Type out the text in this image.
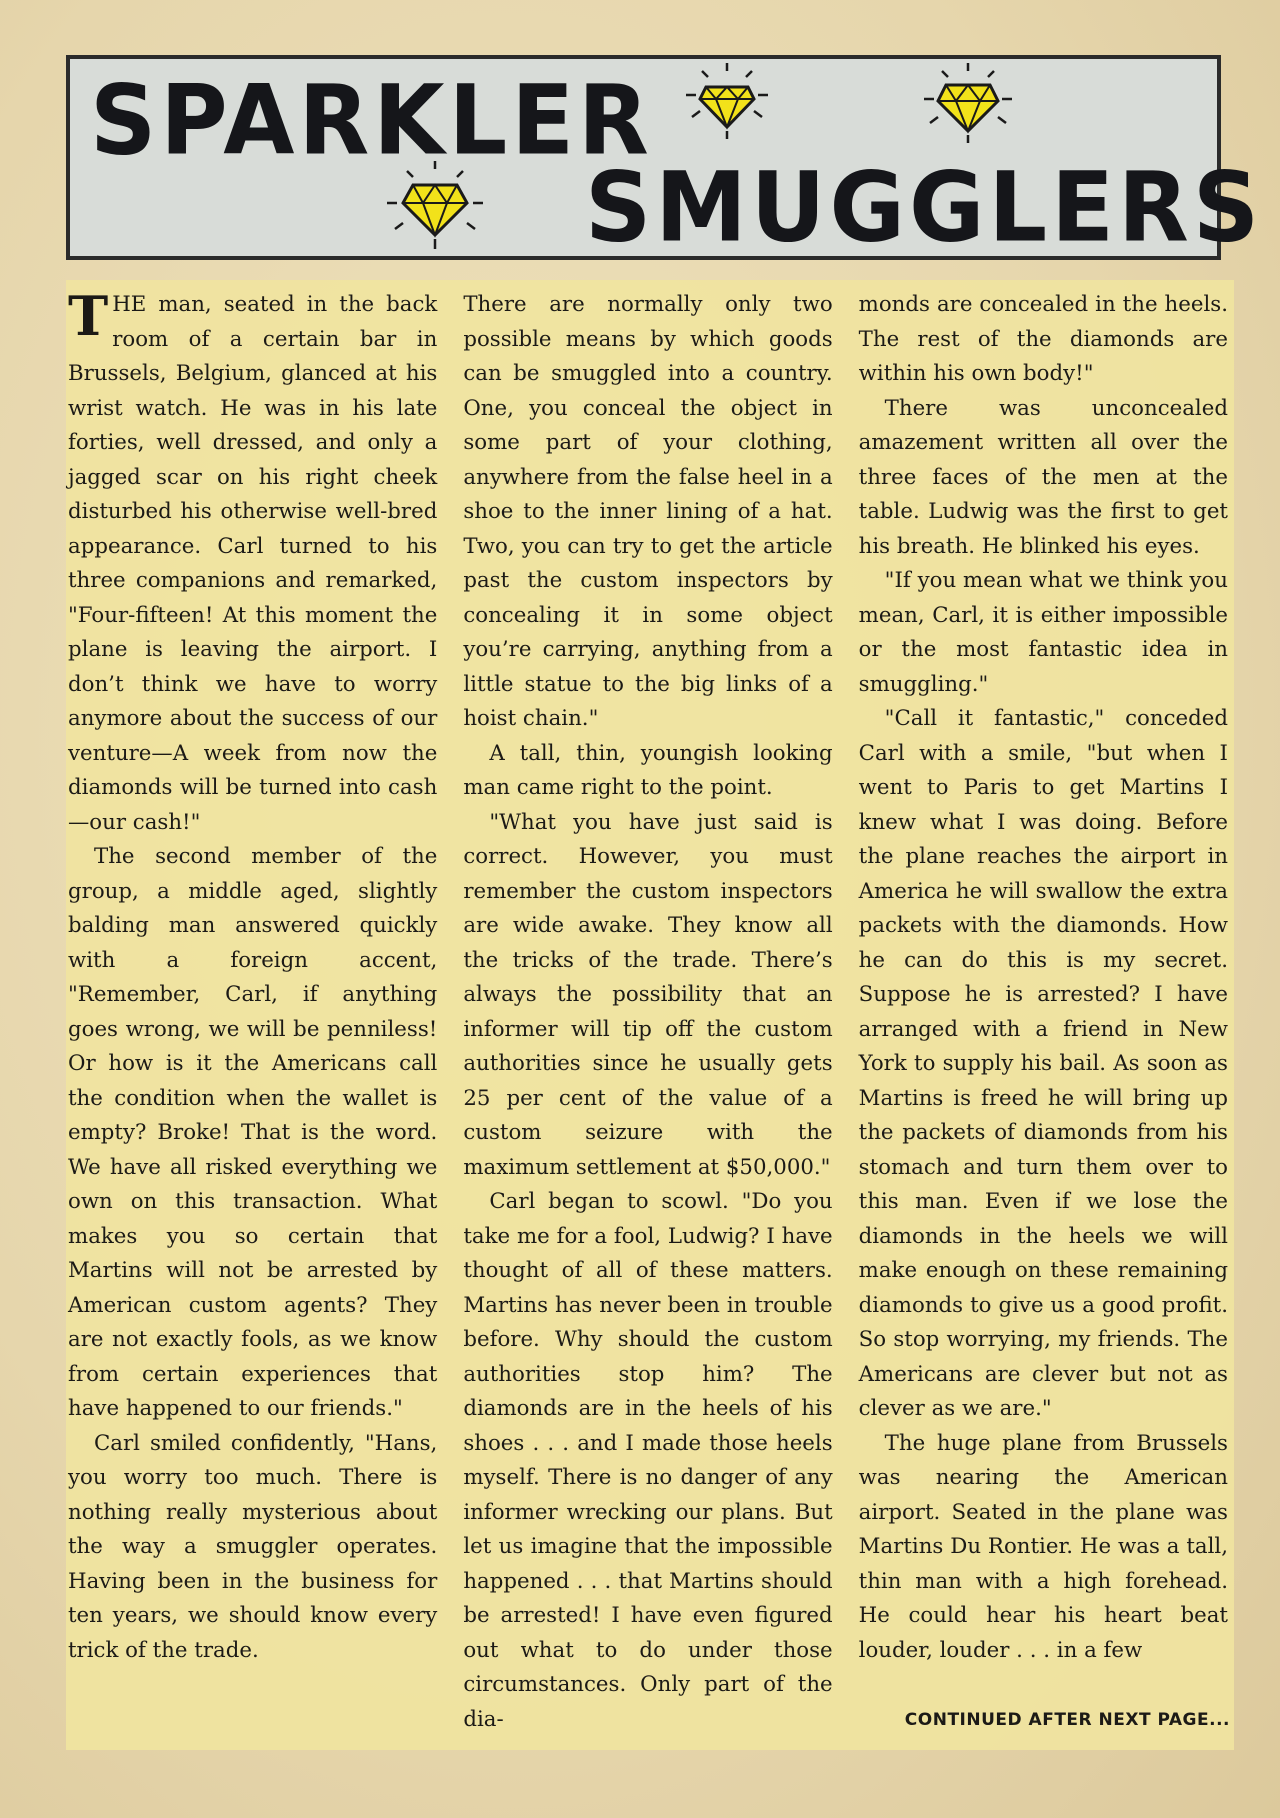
SPARKLER
SMUGGLERS

THE man, seated in the back room of a certain bar in Brussels, Belgium, glanced at his wrist watch. He was in his late forties, well dressed, and only a jagged scar on his right cheek disturbed his otherwise well-bred appearance. Carl turned to his three companions and remarked, "Four-fifteen! At this moment the plane is leaving the airport. I don’t think we have to worry anymore about the success of our venture—A week from now the diamonds will be turned into cash—our cash!"

The second member of the group, a middle aged, slightly balding man answered quickly with a foreign accent, "Remember, Carl, if anything goes wrong, we will be penniless! Or how is it the Americans call the condition when the wallet is empty? Broke! That is the word. We have all risked everything we own on this transaction. What makes you so certain that Martins will not be arrested by American custom agents? They are not exactly fools, as we know from certain experiences that have happened to our friends."

Carl smiled confidently, "Hans, you worry too much. There is nothing really mysterious about the way a smuggler operates. Having been in the business for ten years, we should know every trick of the trade.

There are normally only two possible means by which goods can be smuggled into a country. One, you conceal the object in some part of your clothing, anywhere from the false heel in a shoe to the inner lining of a hat. Two, you can try to get the article past the custom inspectors by concealing it in some object you’re carrying, anything from a little statue to the big links of a hoist chain."

A tall, thin, youngish looking man came right to the point.

"What you have just said is correct. However, you must remember the custom inspectors are wide awake. They know all the tricks of the trade. There’s always the possibility that an informer will tip off the custom authorities since he usually gets 25 per cent of the value of a custom seizure with the maximum settlement at $50,000."

Carl began to scowl. "Do you take me for a fool, Ludwig? I have thought of all of these matters. Martins has never been in trouble before. Why should the custom authorities stop him? The diamonds are in the heels of his shoes . . . and I made those heels myself. There is no danger of any informer wrecking our plans. But let us imagine that the impossible happened . . . that Martins should be arrested! I have even figured out what to do under those circumstances. Only part of the dia-

monds are concealed in the heels. The rest of the diamonds are within his own body!"

There was unconcealed amazement written all over the three faces of the men at the table. Ludwig was the first to get his breath. He blinked his eyes.

"If you mean what we think you mean, Carl, it is either impossible or the most fantastic idea in smuggling."

"Call it fantastic," conceded Carl with a smile, "but when I went to Paris to get Martins I knew what I was doing. Before the plane reaches the airport in America he will swallow the extra packets with the diamonds. How he can do this is my secret. Suppose he is arrested? I have arranged with a friend in New York to supply his bail. As soon as Martins is freed he will bring up the packets of diamonds from his stomach and turn them over to this man. Even if we lose the diamonds in the heels we will make enough on these remaining diamonds to give us a good profit. So stop worrying, my friends. The Americans are clever but not as clever as we are."

The huge plane from Brussels was nearing the American airport. Seated in the plane was Martins Du Rontier. He was a tall, thin man with a high forehead. He could hear his heart beat louder, louder . . . in a few

CONTINUED AFTER NEXT PAGE...
